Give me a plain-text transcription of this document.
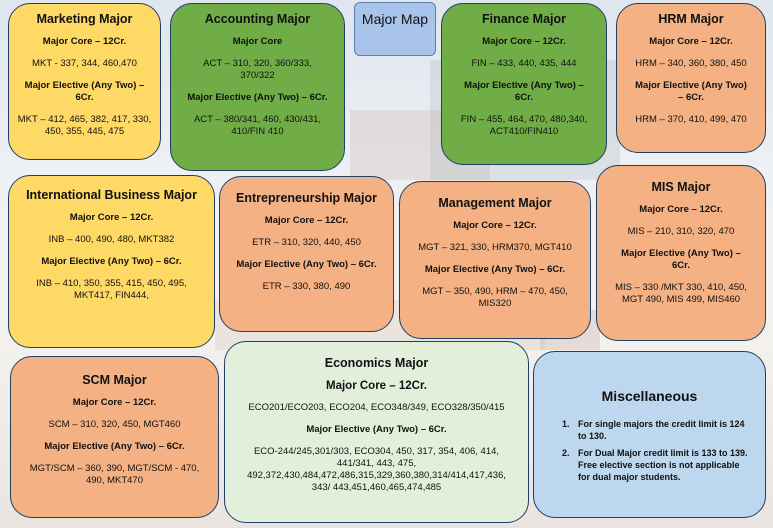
Marketing Major
Major Core – 12Cr.
MKT - 337, 344, 460,470
Major Elective (Any Two) – 6Cr.
MKT – 412, 465, 382, 417, 330, 450, 355, 445, 475
Accounting Major
Major Core
ACT – 310, 320, 360/333, 370/322
Major Elective (Any Two) – 6Cr.
ACT – 380/341, 460, 430/431, 410/FIN 410
Major Map	Finance Major
Major Core – 12Cr.
FIN – 433, 440, 435, 444
Major Elective (Any Two) – 6Cr.
FIN – 455, 464, 470, 480,340, ACT410/FIN410
HRM Major
Major Core – 12Cr.
HRM – 340, 360, 380, 450
Major Elective (Any Two) – 6Cr.
HRM – 370, 410, 499, 470
International Business Major
Major Core – 12Cr.
INB – 400, 490, 480, MKT382
Major Elective (Any Two) – 6Cr.
INB – 410, 350, 355, 415, 450, 495, MKT417, FIN444,
Entrepreneurship Major
Major Core – 12Cr.
ETR – 310, 320, 440, 450
Major Elective (Any Two) – 6Cr.
ETR – 330, 380, 490
Management Major
Major Core – 12Cr.
MGT – 321, 330, HRM370, MGT410
Major Elective (Any Two) – 6Cr.
MGT – 350, 490, HRM – 470, 450, MIS320
MIS Major
Major Core – 12Cr.
MIS – 210, 310, 320, 470
Major Elective (Any Two) – 6Cr.
MIS – 330 /MKT 330, 410, 450, MGT 490, MIS 499, MIS460
SCM Major
Major Core – 12Cr.
SCM – 310, 320, 450, MGT460
Major Elective (Any Two) – 6Cr.
MGT/SCM – 360, 390, MGT/SCM - 470, 490, MKT470
Economics Major
Major Core – 12Cr.
ECO201/ECO203, ECO204, ECO348/349, ECO328/350/415
Major Elective (Any Two) – 6Cr.
ECO-244/245,301/303, ECO304, 450, 317, 354, 406, 414, 441/341, 443, 475, 492,372,430,484,472,486,315,329,360,380,314/414,417,436, 343/ 443,451,460,465,474,485
Miscellaneous
1. For single majors the credit limit is 124 to 130.
2. For Dual Major credit limit is 133 to 139. Free elective section is not applicable for dual major students.
